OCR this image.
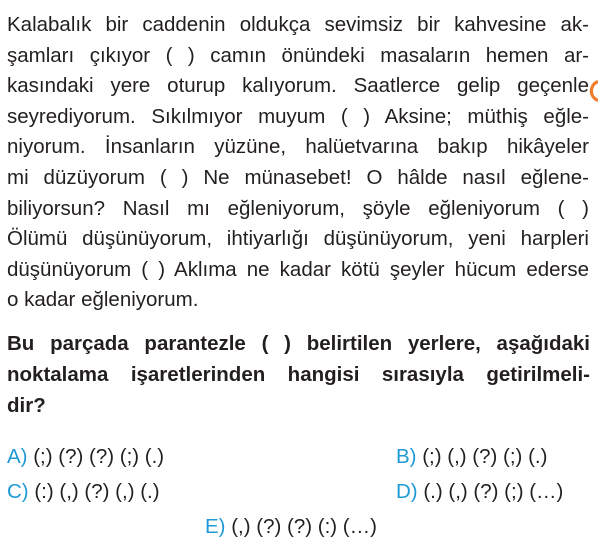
Kalabalık bir caddenin oldukça sevimsiz bir kahvesine ak-
şamları çıkıyor ( ) camın önündeki masaların hemen ar-
kasındaki yere oturup kalıyorum. Saatlerce gelip geçenle
seyrediyorum. Sıkılmıyor muyum ( ) Aksine; müthiş eğle-
niyorum. İnsanların yüzüne, halüetvarına bakıp hikâyeler
mi düzüyorum ( ) Ne münasebet! O hâlde nasıl eğlene-
biliyorsun? Nasıl mı eğleniyorum, şöyle eğleniyorum ( )
Ölümü düşünüyorum, ihtiyarlığı düşünüyorum, yeni harpleri
düşünüyorum ( ) Aklıma ne kadar kötü şeyler hücum ederse
o kadar eğleniyorum.
Bu parçada parantezle ( ) belirtilen yerlere, aşağıdaki
noktalama işaretlerinden hangisi sırasıyla getirilmeli-
dir?
A) (;) (?) (?) (;) (.)	B) (;) (,) (?) (;) (.)
C) (:) (,) (?) (,) (.)	D) (.) (,) (?) (;) (…)
E) (,) (?) (?) (:) (…)
